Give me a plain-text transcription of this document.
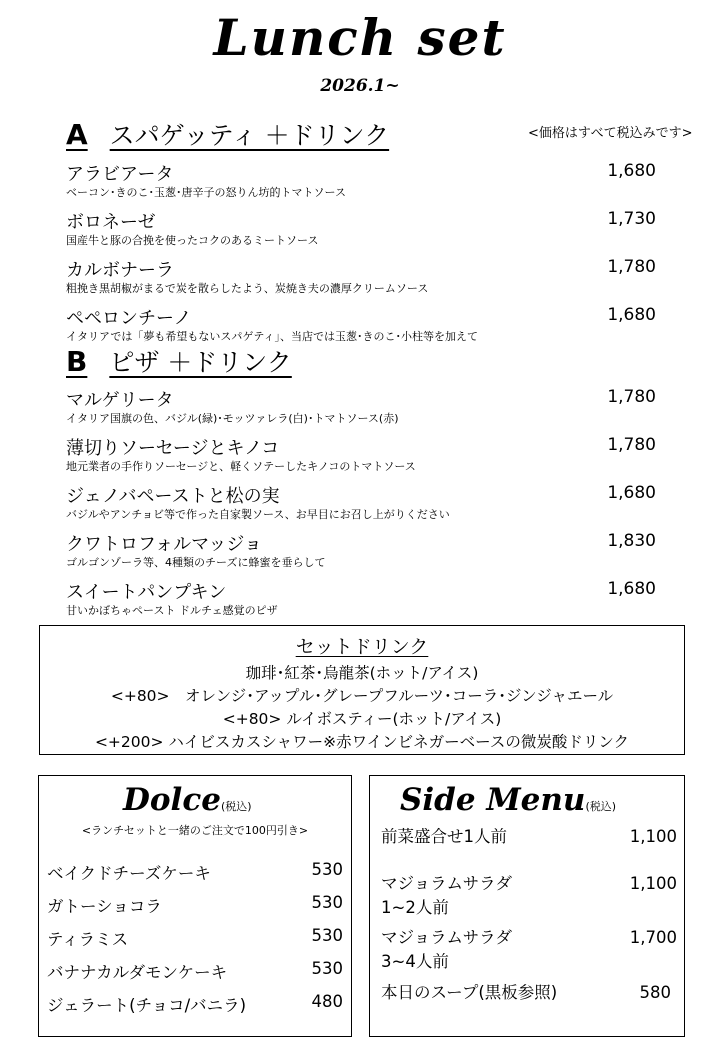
Lunch set
2026.1~
A スパゲッティ ＋ドリンク	<価格はすべて税込みです>
アラビアータ
ベーコン･きのこ･玉葱･唐辛子の怒りん坊的トマトソース
1,680
ボロネーゼ
国産牛と豚の合挽を使ったコクのあるミートソース
1,730
カルボナーラ
粗挽き黒胡椒がまるで炭を散らしたよう、炭焼き夫の濃厚クリームソース
1,780
ペペロンチーノ
イタリアでは「夢も希望もないスパゲティ」、当店では玉葱･きのこ･小柱等を加えて
1,680
B ピザ ＋ドリンク
マルゲリータ
イタリア国旗の色、バジル(緑)･モッツァレラ(白)･トマトソース(赤)
1,780
薄切りソーセージとキノコ
地元業者の手作りソーセージと、軽くソテーしたキノコのトマトソース
1,780
ジェノバペーストと松の実
バジルやアンチョビ等で作った自家製ソース、お早目にお召し上がりください
1,680
クワトロフォルマッジョ
ゴルゴンゾーラ等、4種類のチーズに蜂蜜を垂らして
1,830
スイートパンプキン
甘いかぼちゃペースト ドルチェ感覚のピザ
1,680
セットドリンク
珈琲･紅茶･烏龍茶(ホット/アイス)
<+80>　オレンジ･アップル･グレープフルーツ･コーラ･ジンジャエール
<+80> ルイボスティー(ホット/アイス)
<+200> ハイビスカスシャワー※赤ワインビネガーベースの微炭酸ドリンク
Dolce(税込)
<ランチセットと一緒のご注文で100円引き>
ベイクドチーズケーキ	530
ガトーショコラ	530
ティラミス	530
バナナカルダモンケーキ	530
ジェラート(チョコ/バニラ)	480
Side Menu(税込)
前菜盛合せ1人前	1,100
マジョラムサラダ
1~2人前
1,100
マジョラムサラダ
3~4人前
1,700
本日のスープ(黒板参照)	580
